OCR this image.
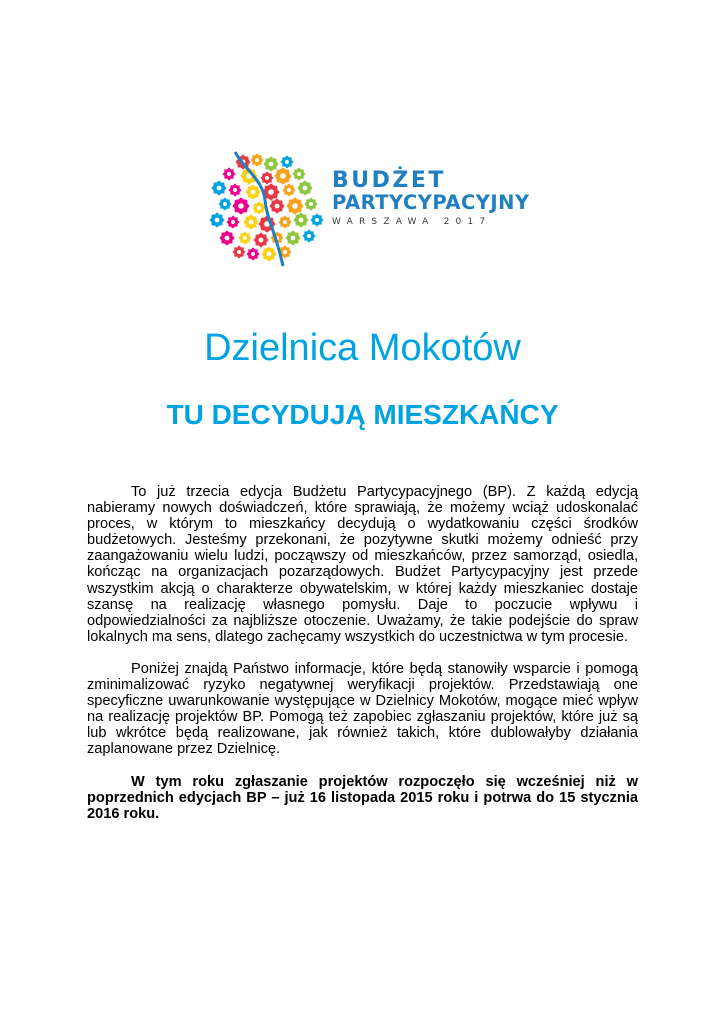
BUDŻET
PARTYCYPACYJNY
WARSZAWA 2017
Dzielnica Mokotów
TU DECYDUJĄ MIESZKAŃCY

To już trzecia edycja Budżetu Partycypacyjnego (BP). Z każdą edycją nabieramy nowych doświadczeń, które sprawiają, że możemy wciąż udoskonalać proces, w którym to mieszkańcy decydują o wydatkowaniu części środków budżetowych. Jesteśmy przekonani, że pozytywne skutki możemy odnieść przy zaangażowaniu wielu ludzi, począwszy od mieszkańców, przez samorząd, osiedla, kończąc na organizacjach pozarządowych. Budżet Partycypacyjny jest przede wszystkim akcją o charakterze obywatelskim, w której każdy mieszkaniec dostaje szansę na realizację własnego pomysłu. Daje to poczucie wpływu i odpowiedzialności za najbliższe otoczenie. Uważamy, że takie podejście do spraw lokalnych ma sens, dlatego zachęcamy wszystkich do uczestnictwa w tym procesie.

Poniżej znajdą Państwo informacje, które będą stanowiły wsparcie i pomogą zminimalizować ryzyko negatywnej weryfikacji projektów. Przedstawiają one specyficzne uwarunkowanie występujące w Dzielnicy Mokotów, mogące mieć wpływ na realizację projektów BP. Pomogą też zapobiec zgłaszaniu projektów, które już są lub wkrótce będą realizowane, jak również takich, które dublowałyby działania zaplanowane przez Dzielnicę.

W tym roku zgłaszanie projektów rozpoczęło się wcześniej niż w poprzednich edycjach BP – już 16 listopada 2015 roku i potrwa do 15 stycznia 2016 roku.
